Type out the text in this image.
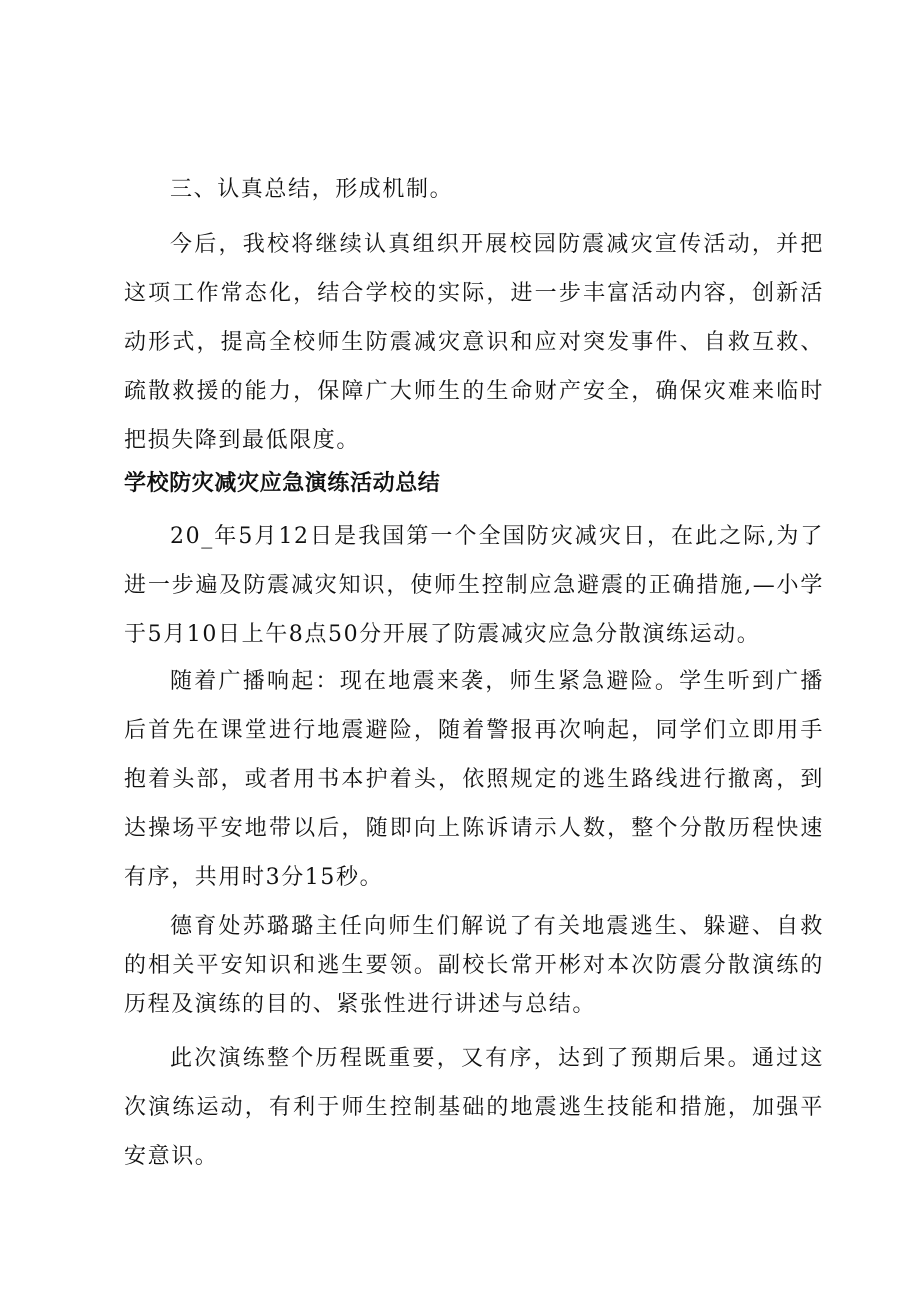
三、认真总结，形成机制。

今后，我校将继续认真组织开展校园防震减灾宣传活动，并把这项工作常态化，结合学校的实际，进一步丰富活动内容，创新活动形式，提高全校师生防震减灾意识和应对突发事件、自救互救、疏散救援的能力，保障广大师生的生命财产安全，确保灾难来临时把损失降到最低限度。

学校防灾减灾应急演练活动总结

20_年5月12日是我国第一个全国防灾减灾日，在此之际,为了进一步遍及防震减灾知识，使师生控制应急避震的正确措施,—小学于5月10日上午8点50分开展了防震减灾应急分散演练运动。

随着广播响起：现在地震来袭，师生紧急避险。学生听到广播后首先在课堂进行地震避险，随着警报再次响起，同学们立即用手抱着头部，或者用书本护着头，依照规定的逃生路线进行撤离，到达操场平安地带以后，随即向上陈诉请示人数，整个分散历程快速有序，共用时3分15秒。

德育处苏璐璐主任向师生们解说了有关地震逃生、躲避、自救的相关平安知识和逃生要领。副校长常开彬对本次防震分散演练的历程及演练的目的、紧张性进行讲述与总结。

此次演练整个历程既重要，又有序，达到了预期后果。通过这次演练运动，有利于师生控制基础的地震逃生技能和措施，加强平安意识。
